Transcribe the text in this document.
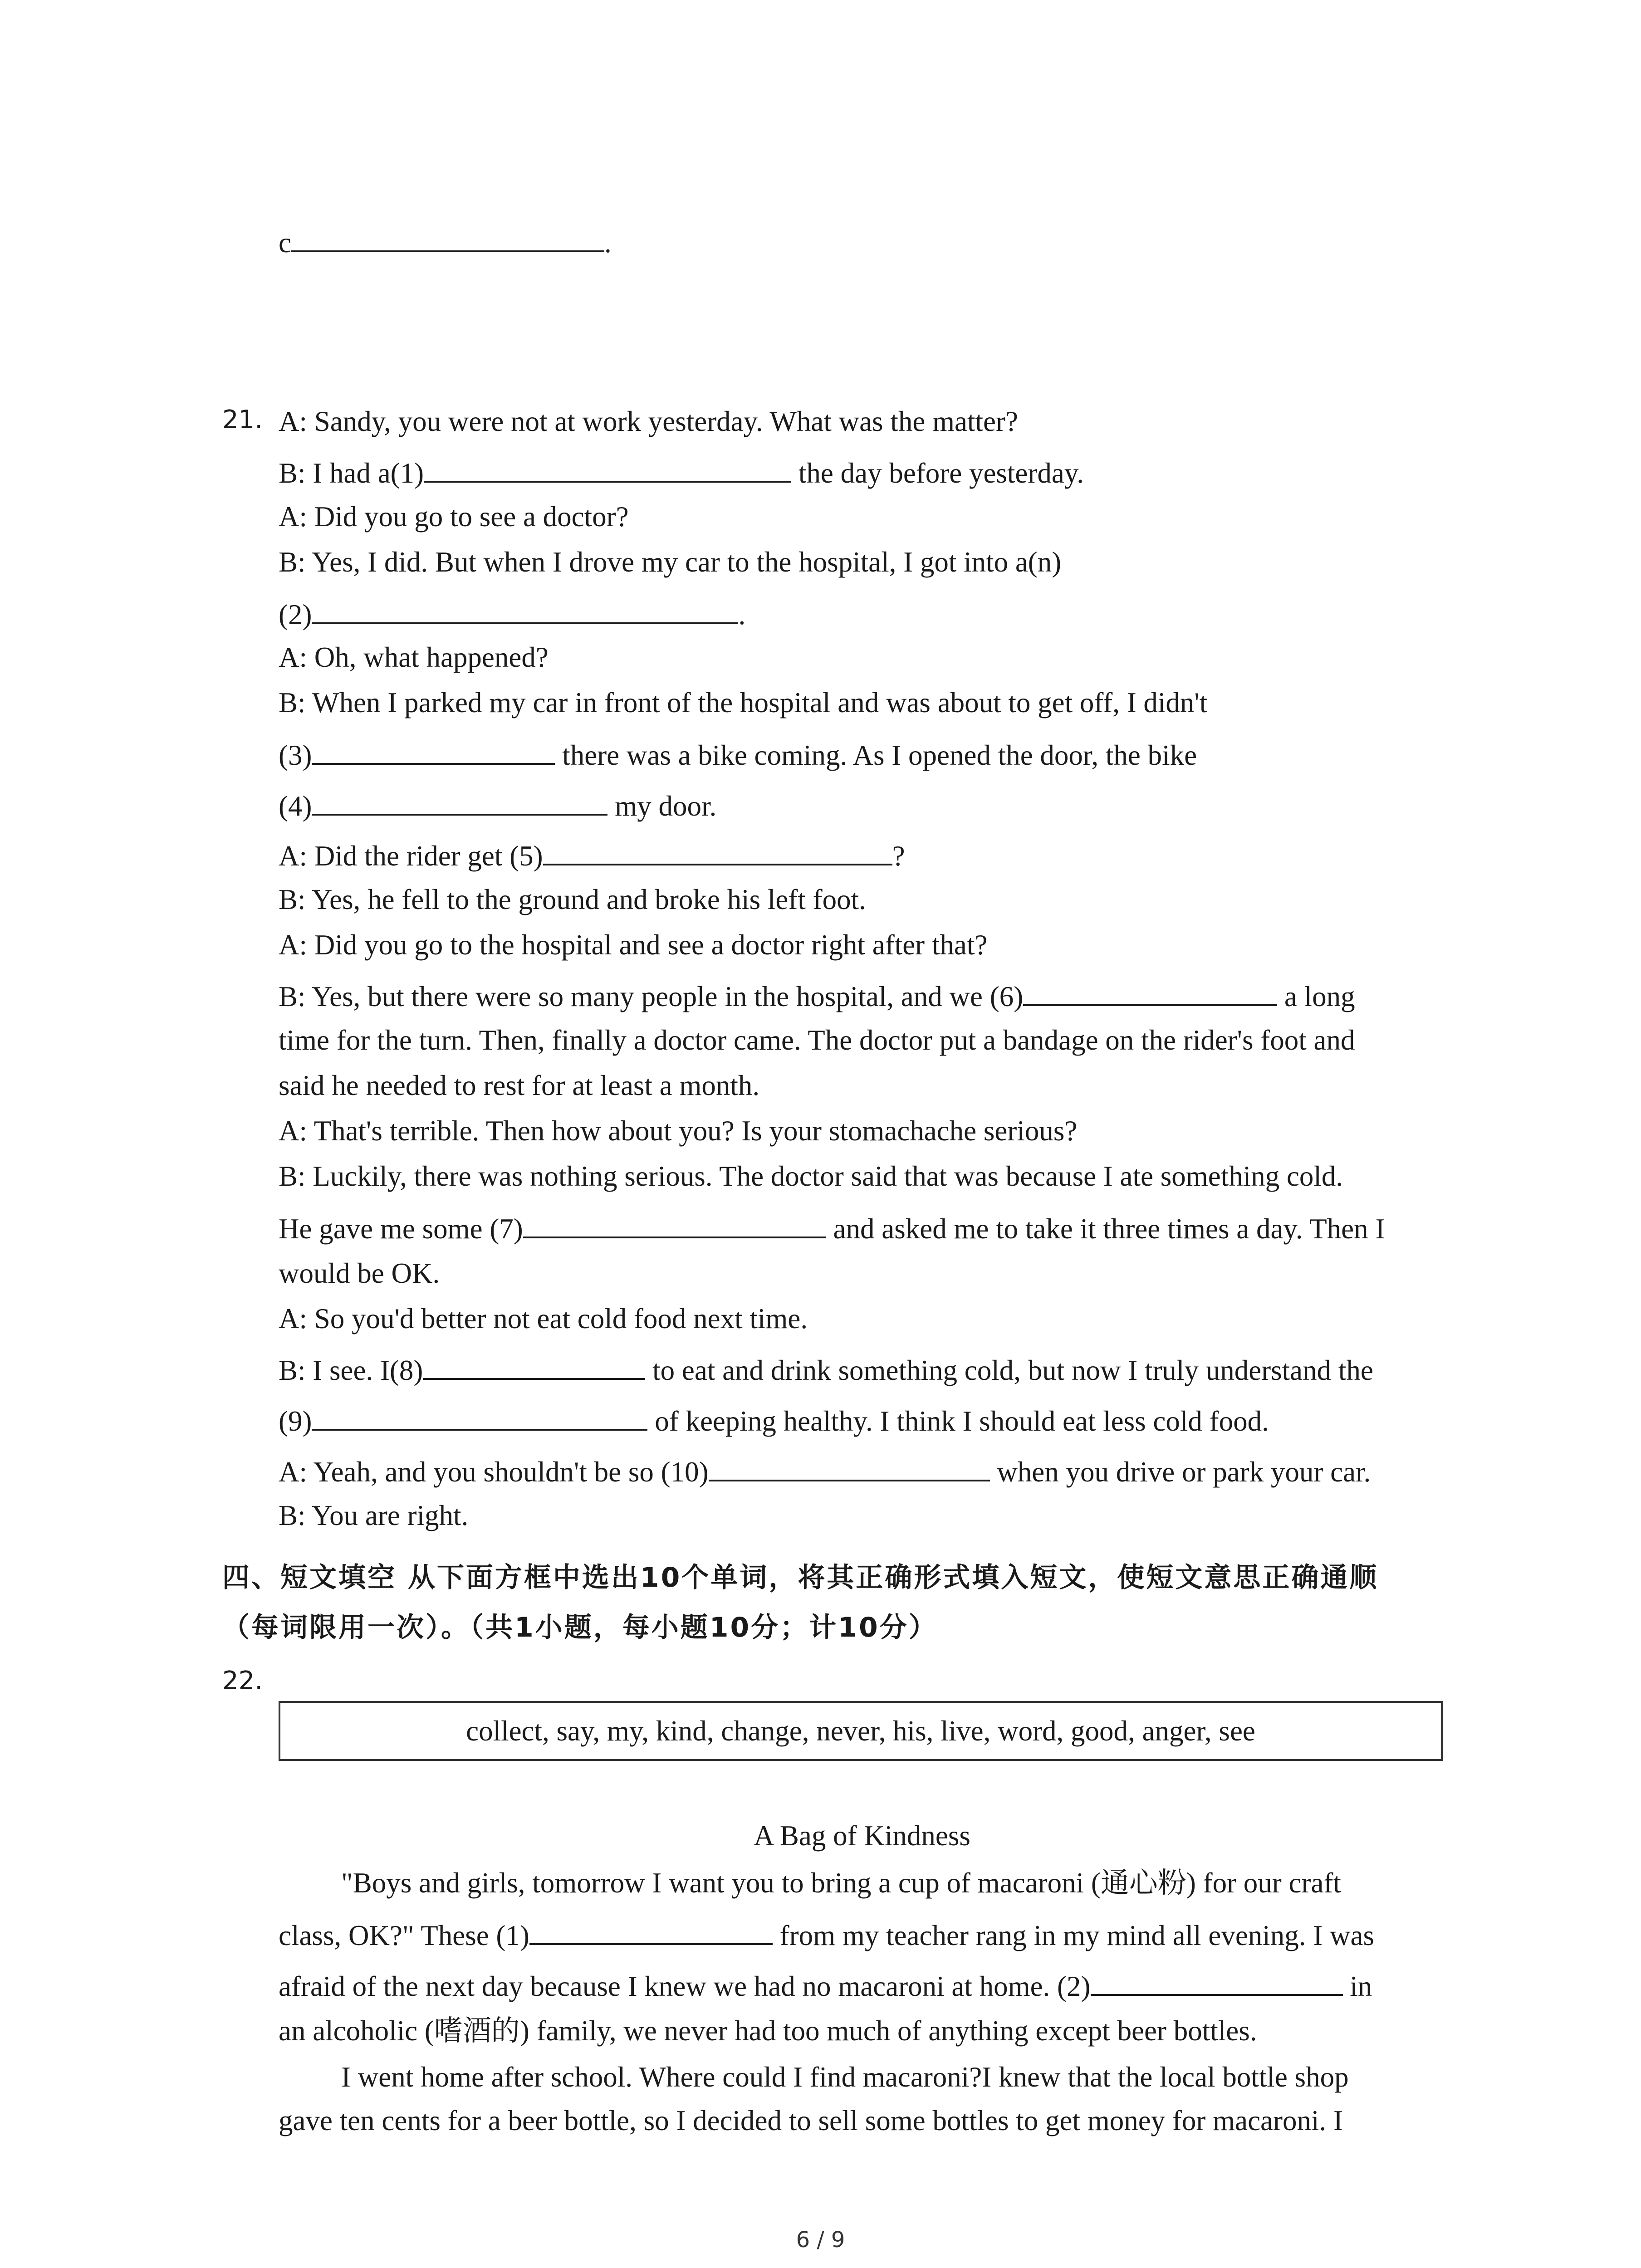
c	.
21. A: Sandy, you were not at work yesterday. What was the matter?
B: I had a(1)	the day before yesterday.
A: Did you go to see a doctor?
B: Yes, I did. But when I drove my car to the hospital, I got into a(n)
(2)	.
A: Oh, what happened?
B: When I parked my car in front of the hospital and was about to get off, I didn't
(3)	there was a bike coming. As I opened the door, the bike
(4)	my door.
A: Did the rider get (5)	?
B: Yes, he fell to the ground and broke his left foot.
A: Did you go to the hospital and see a doctor right after that?
B: Yes, but there were so many people in the hospital, and we (6)	a long
time for the turn. Then, finally a doctor came. The doctor put a bandage on the rider's foot and
said he needed to rest for at least a month.
A: That's terrible. Then how about you? Is your stomachache serious?
B: Luckily, there was nothing serious. The doctor said that was because I ate something cold.
He gave me some (7)	and asked me to take it three times a day. Then I
would be OK.
A: So you'd better not eat cold food next time.
B: I see. I(8)	to eat and drink something cold, but now I truly understand the
(9)	of keeping healthy. I think I should eat less cold food.
A: Yeah, and you shouldn't be so (10)	when you drive or park your car.
B: You are right.
四、短文填空 从下面方框中选出10个单词，将其正确形式填入短文，使短文意思正确通顺
（每词限用一次）。（共1小题，每小题10分；计10分）
22.
collect, say, my, kind, change, never, his, live, word, good, anger, see
A Bag of Kindness
"Boys and girls, tomorrow I want you to bring a cup of macaroni (通心粉) for our craft
class, OK?" These (1)	from my teacher rang in my mind all evening. I was
afraid of the next day because I knew we had no macaroni at home. (2)	in
an alcoholic (嗜酒的) family, we never had too much of anything except beer bottles.
I went home after school. Where could I find macaroni?I knew that the local bottle shop
gave ten cents for a beer bottle, so I decided to sell some bottles to get money for macaroni. I
6 / 9
